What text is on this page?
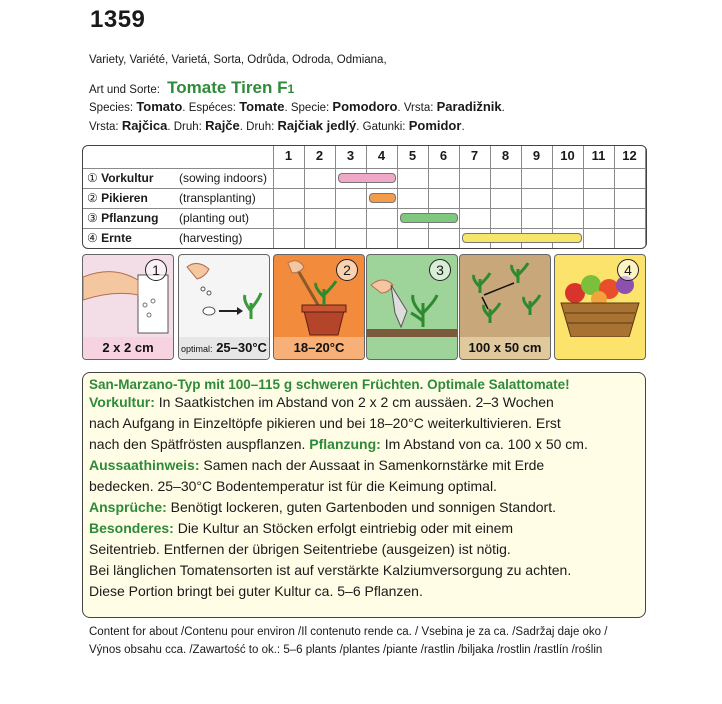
1359
Variety, Variété, Varietá, Sorta, Odrůda, Odroda, Odmiana,
Art und Sorte: Tomate Tiren F1
Species: Tomato. Espéces: Tomate. Specie: Pomodoro. Vrsta: Paradižnik.
Vrsta: Rajčica. Druh: Rajče. Druh: Rajčiak jedlý. Gatunki: Pomidor.
1	2	3	4	5	6	7	8	9	10	11	12
① Vorkultur (sowing indoors)
② Pikieren	(transplanting)
③ Pflanzung (planting out)
④ Ernte	(harvesting)
1
2 x 2 cm	optimal: 25–30°C
2
18–20°C
3
100 x 50 cm
4
San-Marzano-Typ mit 100–115 g schweren Früchten. Optimale Salattomate!
Vorkultur: In Saatkistchen im Abstand von 2 x 2 cm aussäen. 2–3 Wochen
nach Aufgang in Einzeltöpfe pikieren und bei 18–20°C weiterkultivieren. Erst
nach den Spätfrösten auspflanzen. Pflanzung: Im Abstand von ca. 100 x 50 cm.
Aussaathinweis: Samen nach der Aussaat in Samenkornstärke mit Erde
bedecken. 25–30°C Bodentemperatur ist für die Keimung optimal.
Ansprüche: Benötigt lockeren, guten Gartenboden und sonnigen Standort.
Besonderes: Die Kultur an Stöcken erfolgt eintriebig oder mit einem
Seitentrieb. Entfernen der übrigen Seitentriebe (ausgeizen) ist nötig.
Bei länglichen Tomatensorten ist auf verstärkte Kalziumversorgung zu achten.
Diese Portion bringt bei guter Kultur ca. 5–6 Pflanzen.
Content for about /Contenu pour environ /Il contenuto rende ca. / Vsebina je za ca. /Sadržaj daje oko /
Výnos obsahu cca. /Zawartość to ok.: 5–6 plants /plantes /piante /rastlin /biljaka /rostlin /rastlín /roślin
